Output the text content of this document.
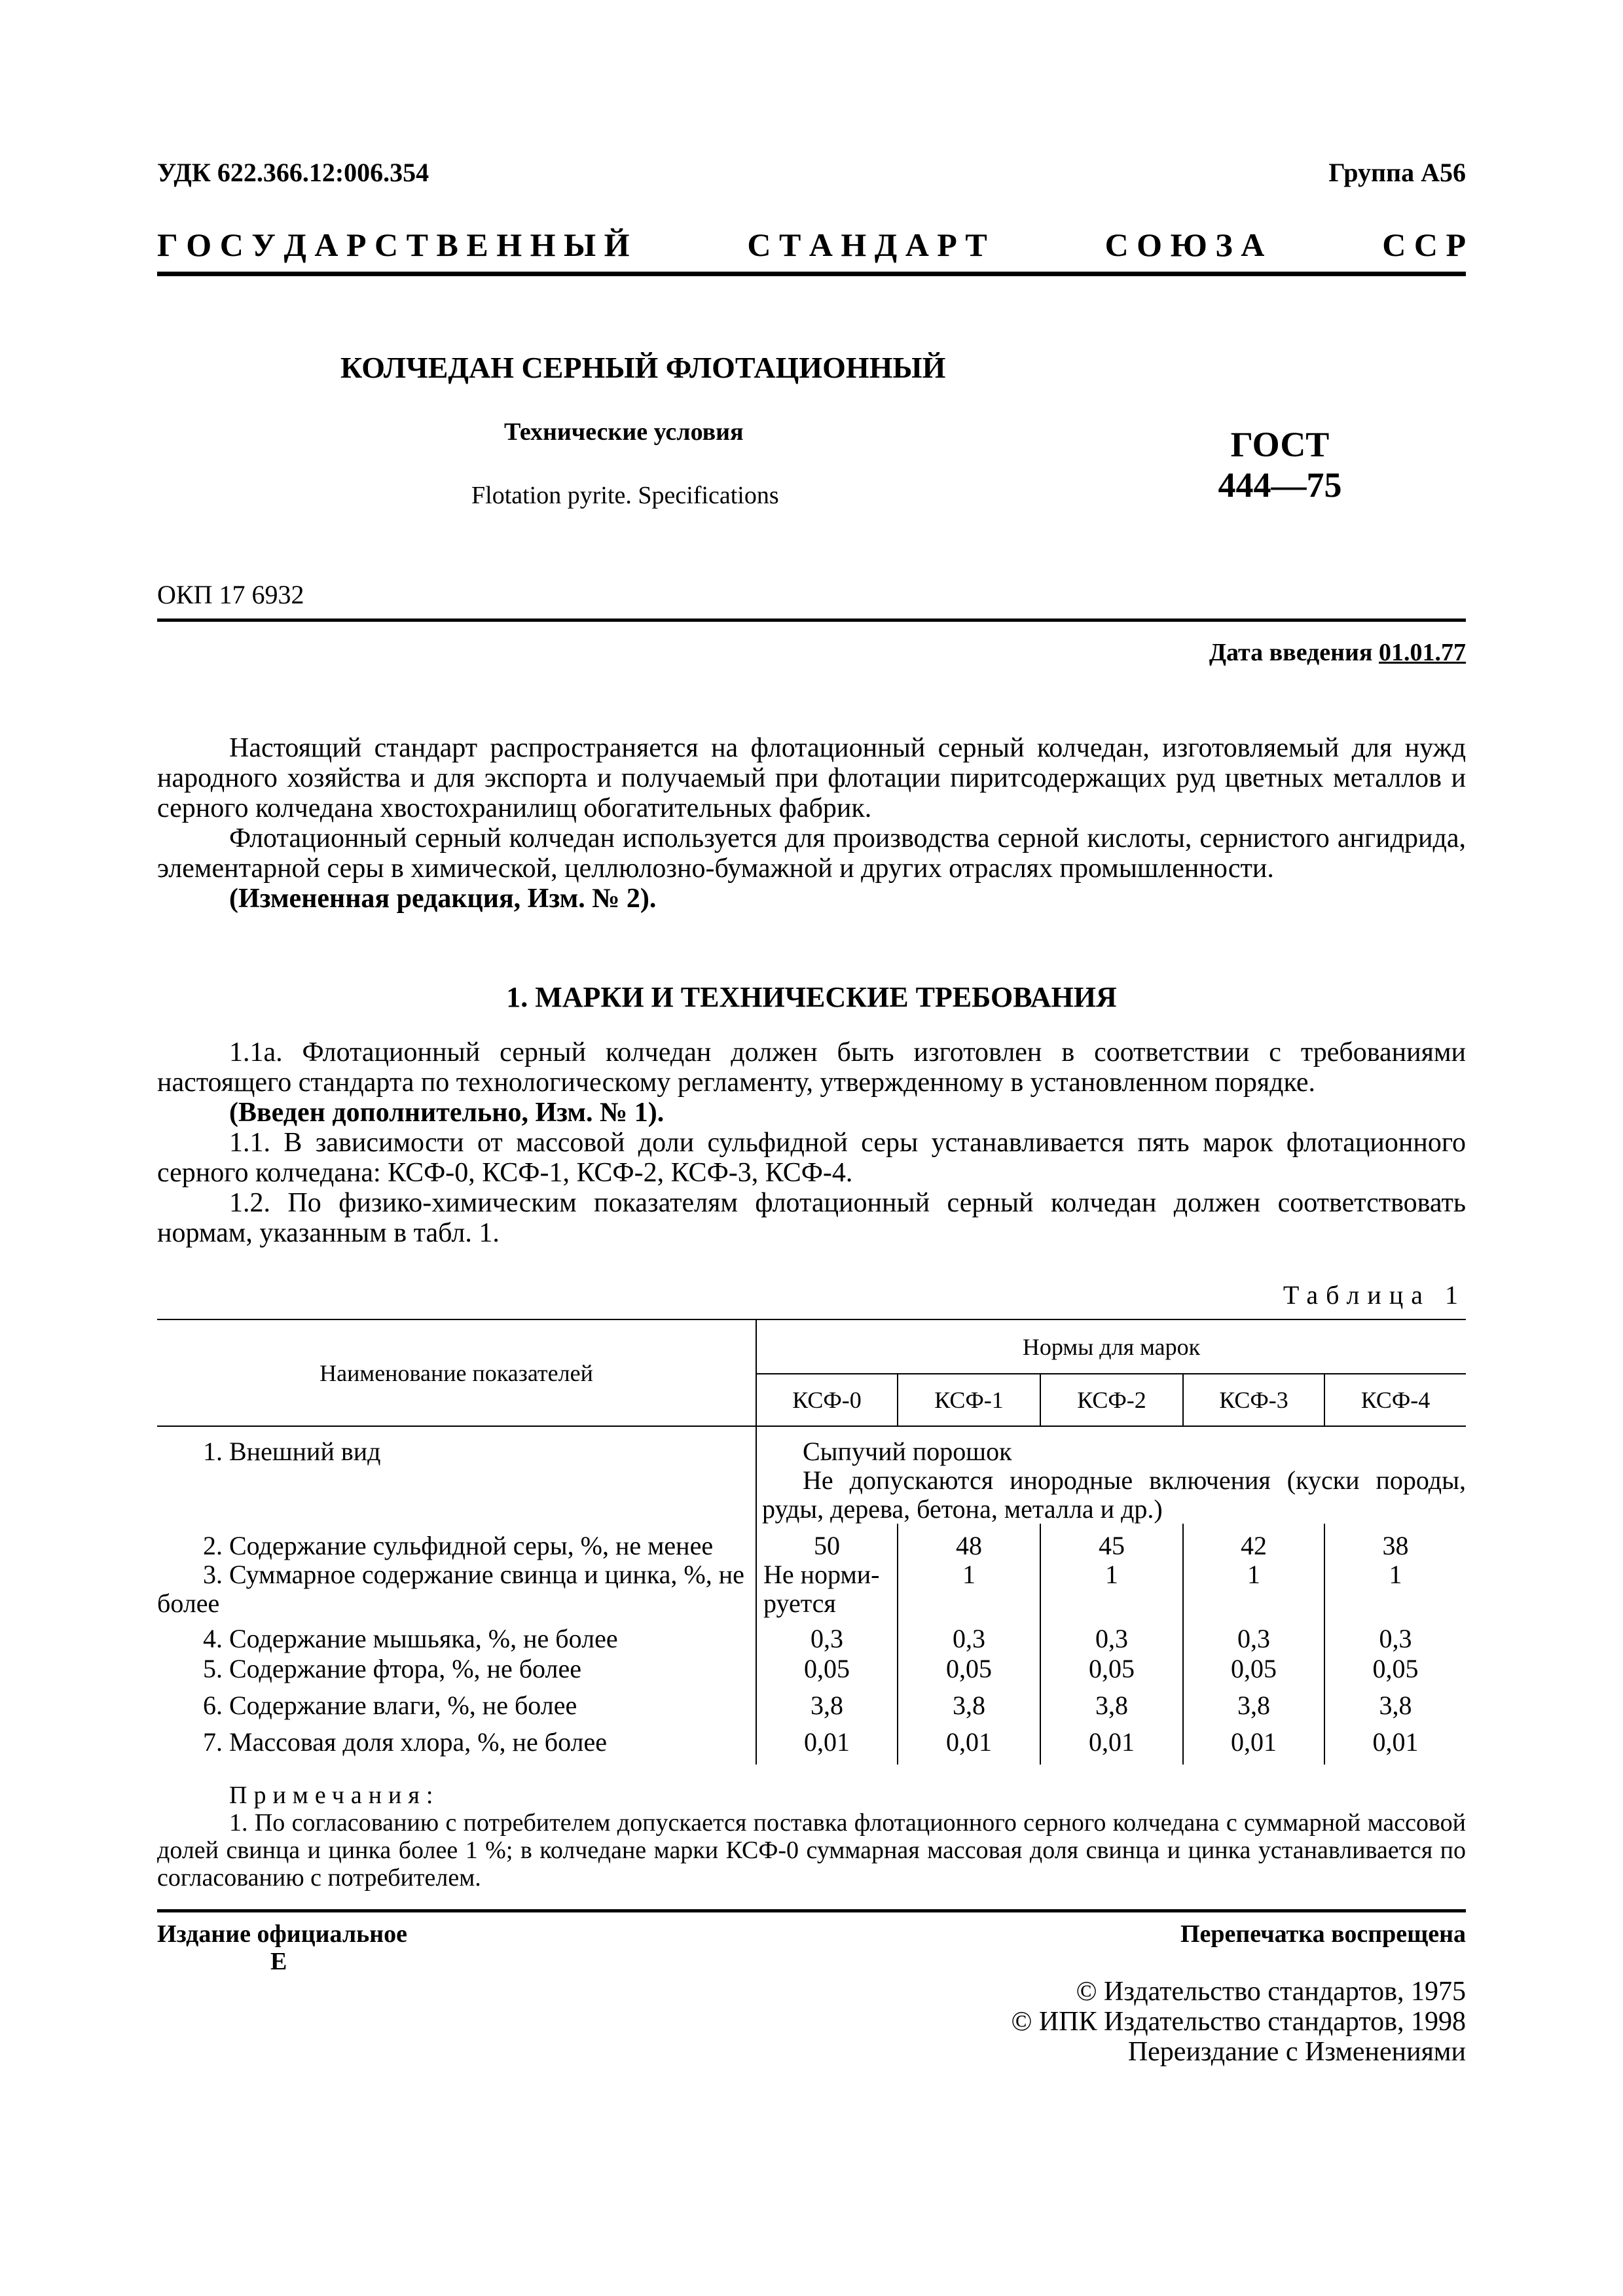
УДК 622.366.12:006.354	Группа А56
Г О С У Д А Р С Т В Е Н Н Ы Й	С Т А Н Д А Р Т	С О Ю З А	С С Р
КОЛЧЕДАН СЕРНЫЙ ФЛОТАЦИОННЫЙ
Технические условия
Flotation pyrite. Specifications
ГОСТ
444—75
ОКП 17 6932
Дата введения 01.01.77

Настоящий стандарт распространяется на флотационный серный колчедан, изготовляемый для нужд народного хозяйства и для экспорта и получаемый при флотации пиритсодержащих руд цветных металлов и серного колчедана хвостохранилищ обогатительных фабрик.

Флотационный серный колчедан используется для производства серной кислоты, сернистого ангидрида, элементарной серы в химической, целлюлозно-бумажной и других отраслях промышленности.

(Измененная редакция, Изм. № 2).

1. МАРКИ И ТЕХНИЧЕСКИЕ ТРЕБОВАНИЯ

1.1а. Флотационный серный колчедан должен быть изготовлен в соответствии с требованиями настоящего стандарта по технологическому регламенту, утвержденному в установленном порядке.

(Введен дополнительно, Изм. № 1).

1.1. В зависимости от массовой доли сульфидной серы устанавливается пять марок флотационного серного колчедана: КСФ-0, КСФ-1, КСФ-2, КСФ-3, КСФ-4.

1.2. По физико-химическим показателям флотационный серный колчедан должен соответствовать нормам, указанным в табл. 1.

Таблица 1
Наименование показателей	Нормы для марок				
	КСФ-0	КСФ-1	КСФ-2	КСФ-3	КСФ-4
1. Внешний вид	Сыпучий порошок
Не допускаются инородные включения (куски породы, руды, дерева, бетона, металла и др.)				

2. Содержание сульфидной серы, %, не менее	50	48	45	42	38
3. Суммарное содержание свинца и цинка, %, не более	Не норми-руется	1	1	1	1
4. Содержание мышьяка, %, не более	0,3	0,3	0,3	0,3	0,3
5. Содержание фтора, %, не более	0,05	0,05	0,05	0,05	0,05
6. Содержание влаги, %, не более	3,8	3,8	3,8	3,8	3,8
7. Массовая доля хлора, %, не более	0,01	0,01	0,01	0,01	0,01
Примечания:

1. По согласованию с потребителем допускается поставка флотационного серного колчедана с суммарной массовой долей свинца и цинка более 1 %; в колчедане марки КСФ-0 суммарная массовая доля свинца и цинка устанавливается по согласованию с потребителем.

Издание официальное
Е
Перепечатка воспрещена
© Издательство стандартов, 1975
© ИПК Издательство стандартов, 1998
Переиздание с Изменениями
